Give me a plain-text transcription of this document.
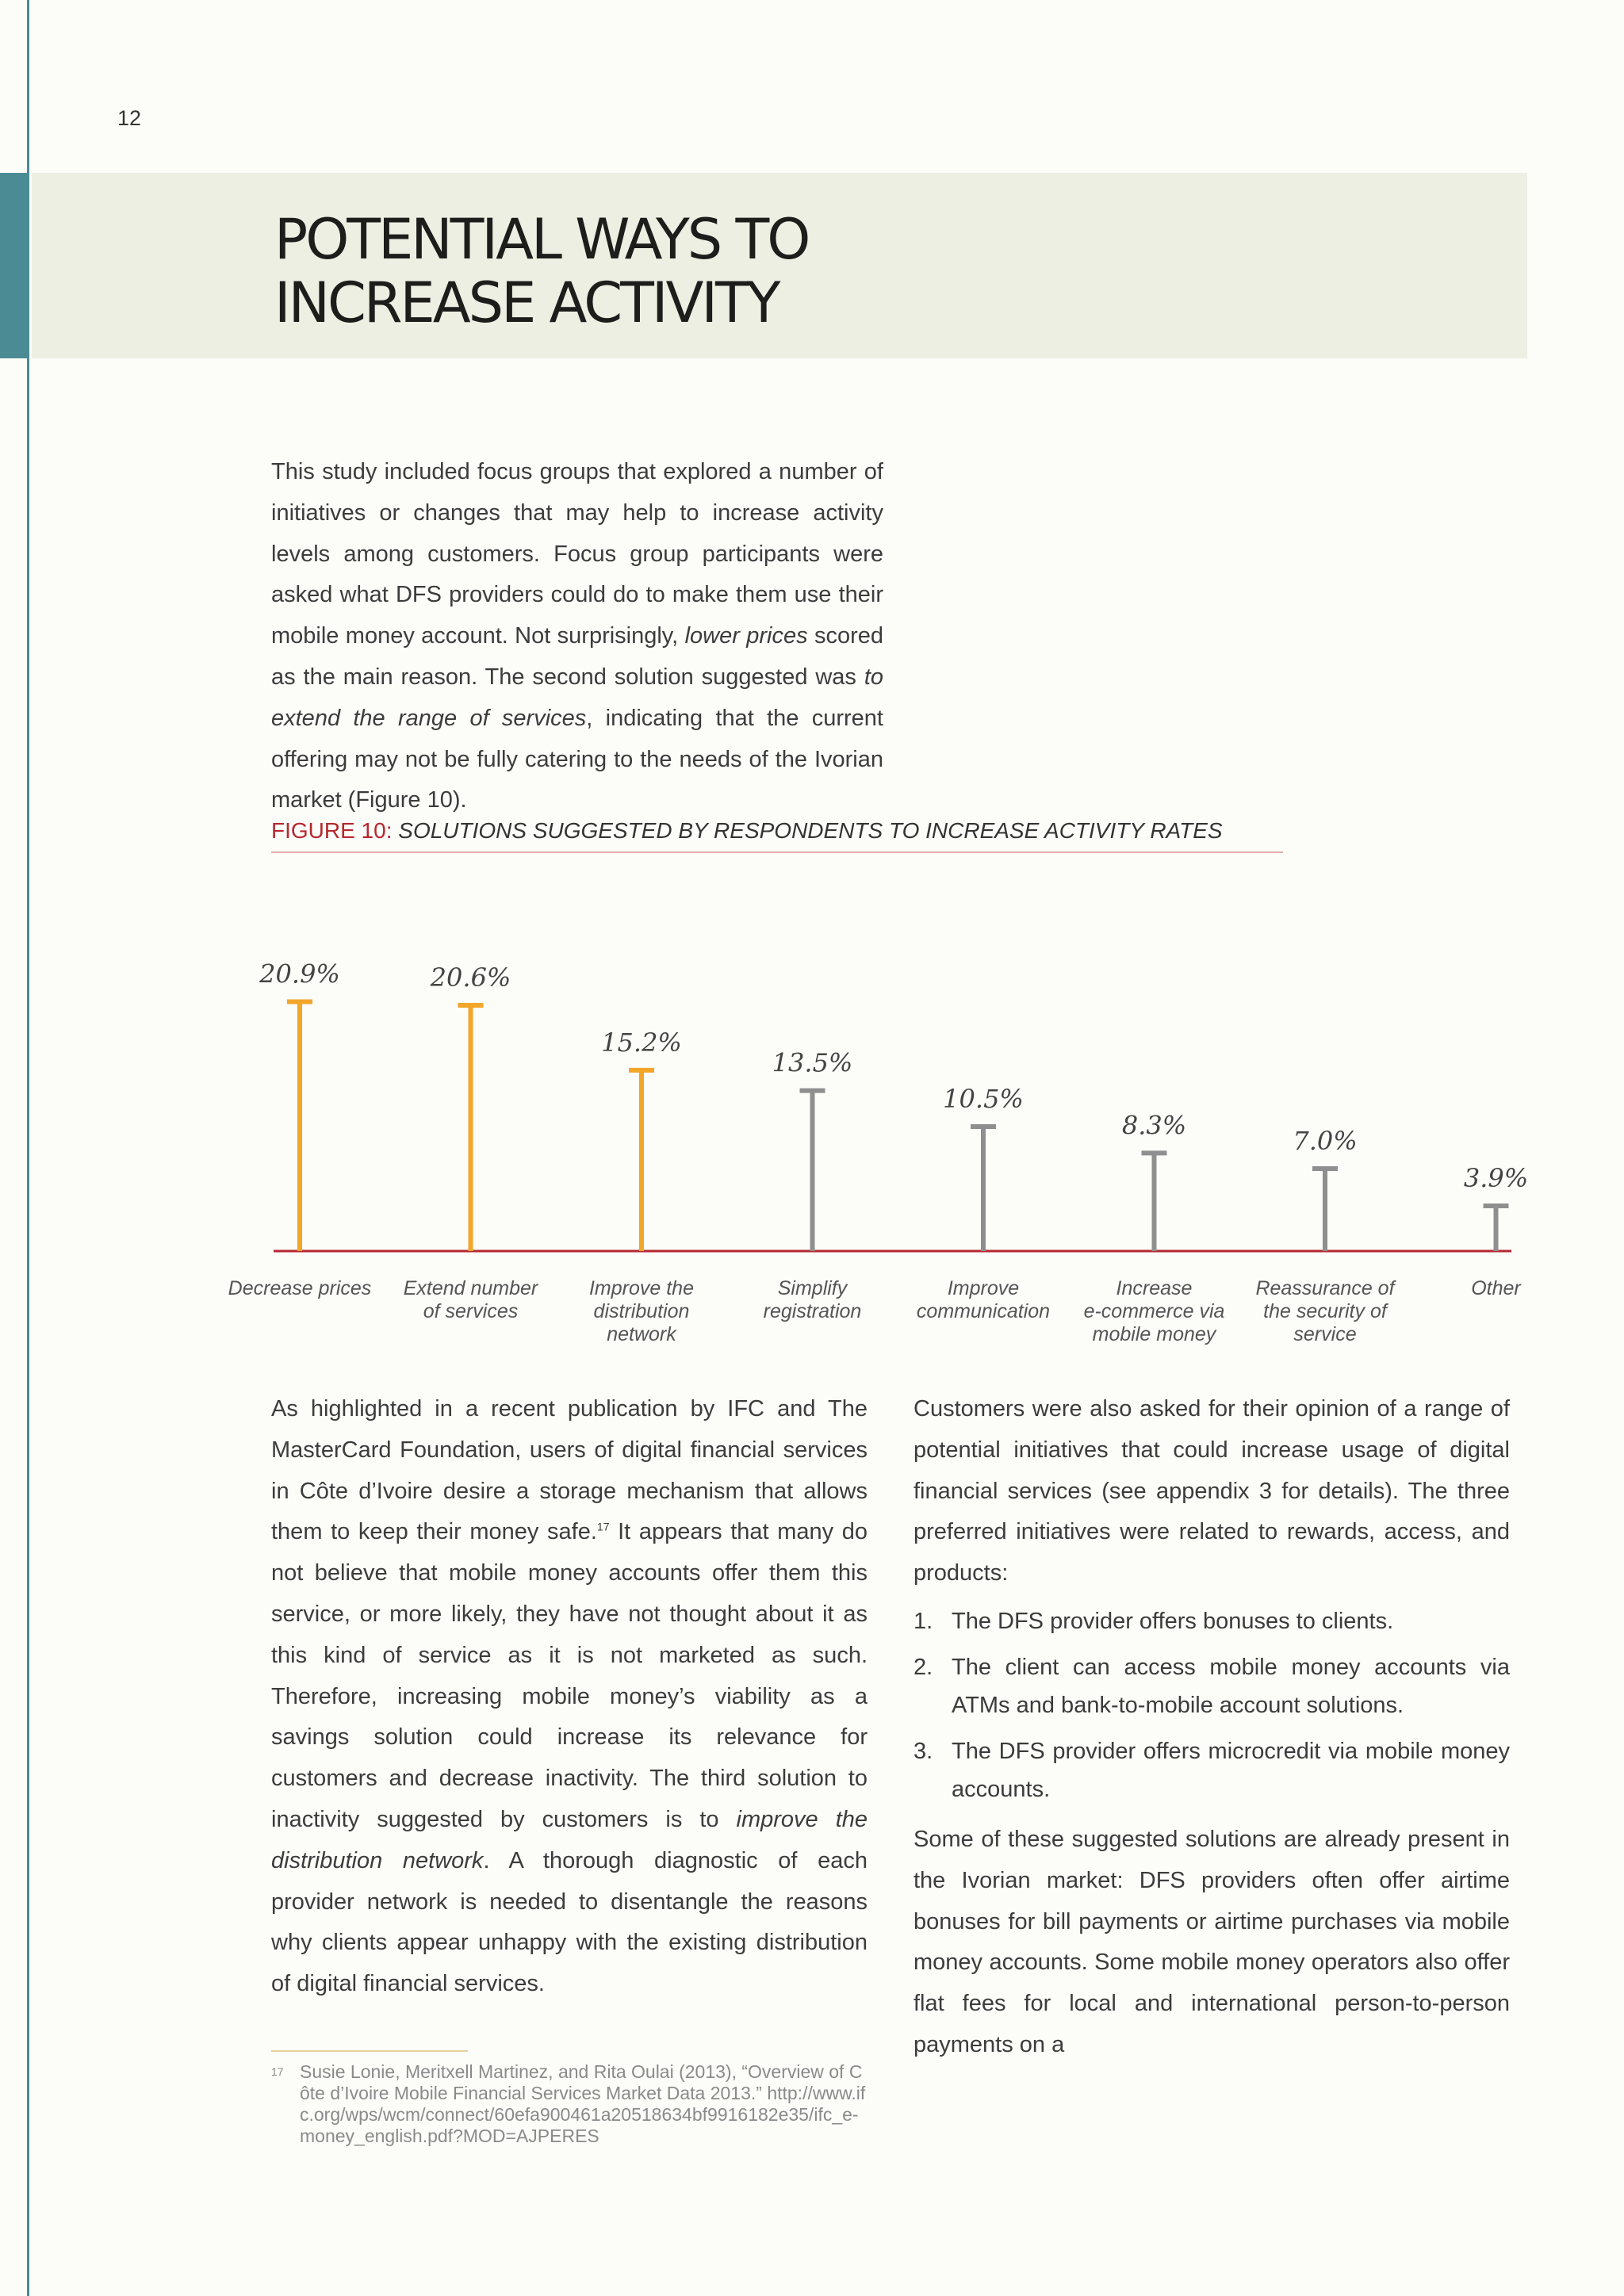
12
POTENTIAL WAYS TO
INCREASE ACTIVITY

This study included focus groups that explored a number of initiatives or changes that may help to increase activity levels among customers. Focus group participants were asked what DFS providers could do to make them use their mobile money account. Not surprisingly, lower prices scored as the main reason. The second solution suggested was to extend the range of services, indicating that the current offering may not be fully catering to the needs of the Ivorian market (Figure 10).

FIGURE 10: SOLUTIONS SUGGESTED BY RESPONDENTS TO INCREASE ACTIVITY RATES
20.9%
Decrease prices
20.6%
Extend number of services
15.2%
Improve the distribution network
13.5%
Simplify registration
10.5%
Improve communication
8.3%
Increase e-commerce via mobile money
7.0%
Reassurance of the security of service
3.9%
Other

As highlighted in a recent publication by IFC and The MasterCard Foundation, users of digital financial services in Côte d’Ivoire desire a storage mechanism that allows them to keep their money safe.$^{17}$ It appears that many do not believe that mobile money accounts offer them this service, or more likely, they have not thought about it as this kind of service as it is not marketed as such. Therefore, increasing mobile money’s viability as a savings solution could increase its relevance for customers and decrease inactivity. The third solution to inactivity suggested by customers is to improve the distribution network. A thorough diagnostic of each provider network is needed to disentangle the reasons why clients appear unhappy with the existing distribution of digital financial services.

Customers were also asked for their opinion of a range of potential initiatives that could increase usage of digital financial services (see appendix 3 for details). The three preferred initiatives were related to rewards, access, and products:

1. The DFS provider offers bonuses to clients.
2. The client can access mobile money accounts via ATMs and bank-to-mobile account solutions.
3. The DFS provider offers microcredit via mobile money accounts.

Some of these suggested solutions are already present in the Ivorian market: DFS providers often offer airtime bonuses for bill payments or airtime purchases via mobile money accounts. Some mobile money operators also offer flat fees for local and international person-to-person payments on a

17 Susie Lonie, Meritxell Martinez, and Rita Oulai (2013), “Overview of Côte d’Ivoire Mobile Financial Services Market Data 2013.” http://www.ifc.org/wps/wcm/connect/60efa900461a205186​34bf9916182e35/ifc_e-money_english.pdf?MOD=AJPERES
